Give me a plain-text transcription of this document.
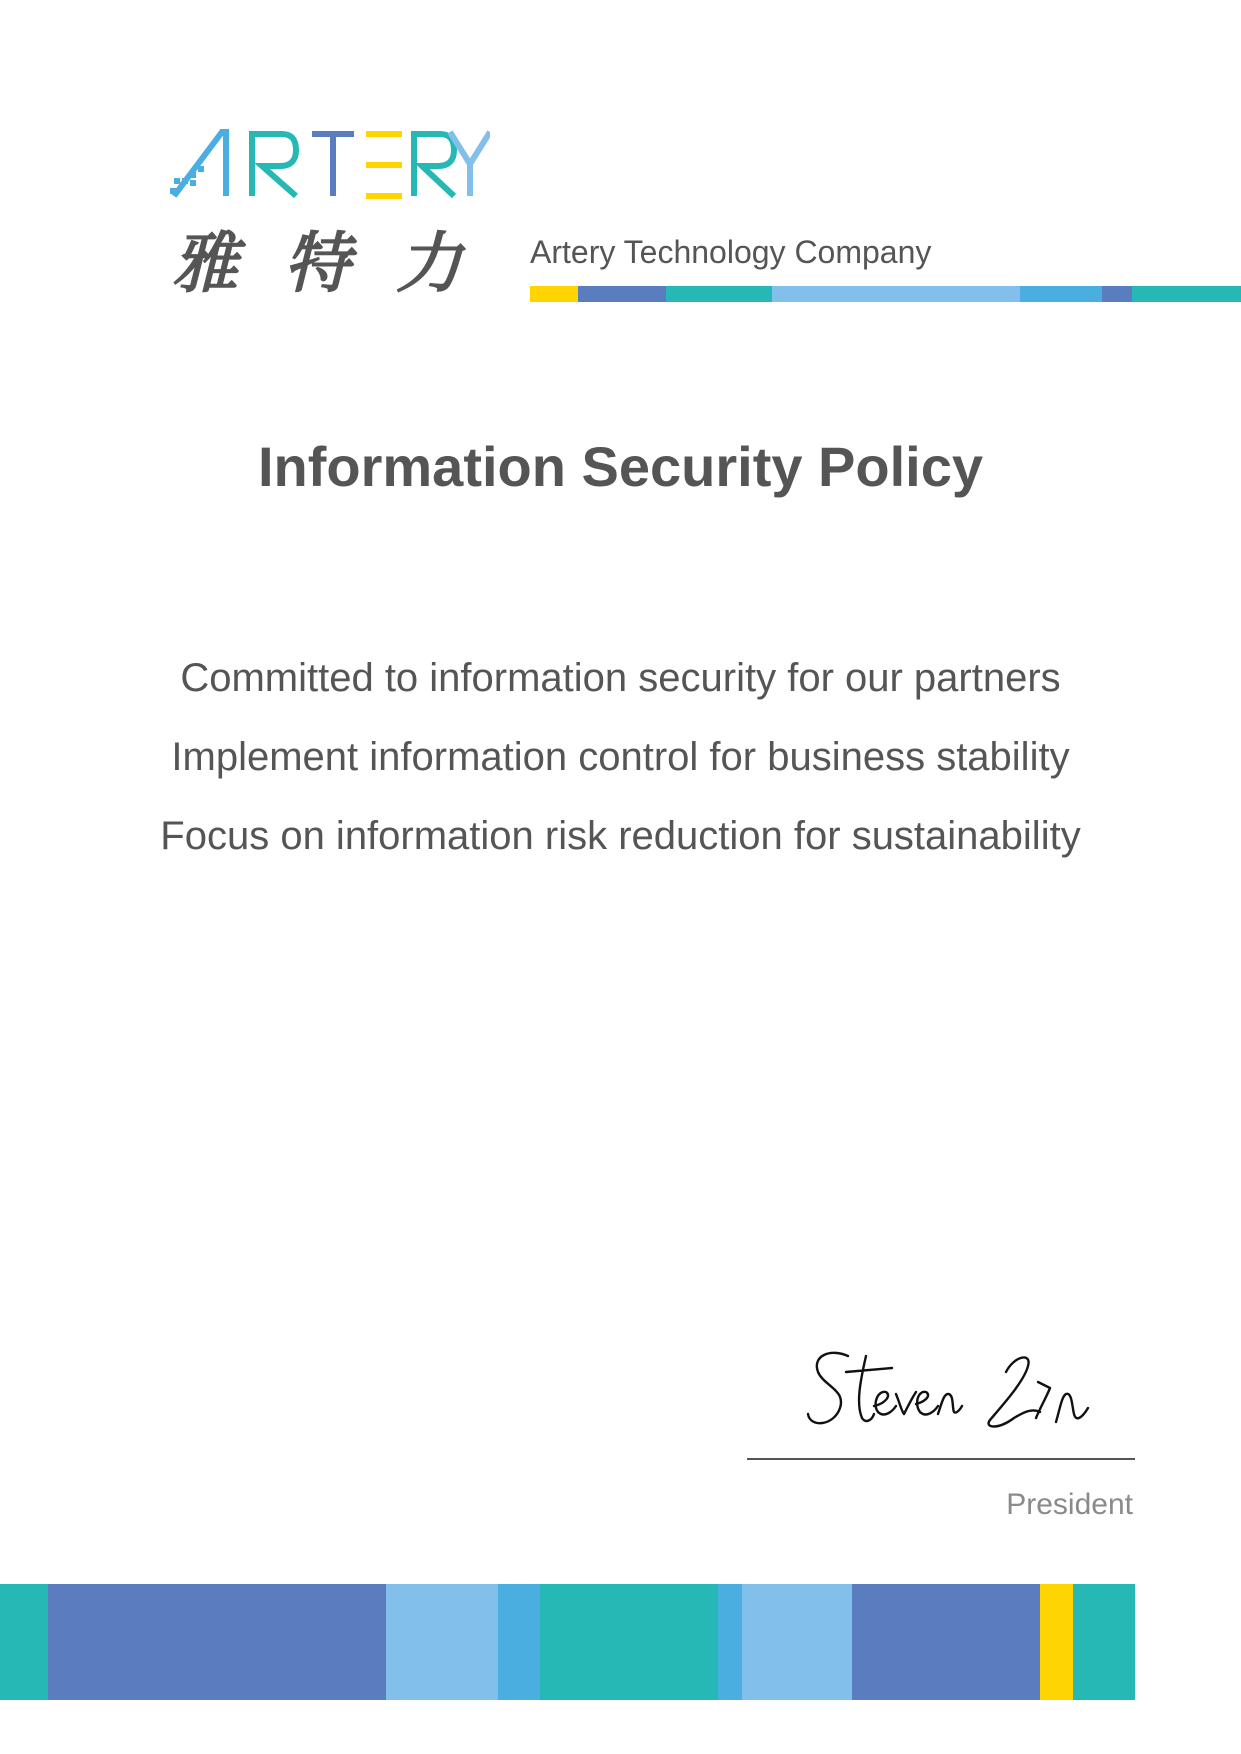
雅特力 Artery Technology Company
Information Security Policy
Committed to information security for our partners
Implement information control for business stability
Focus on information risk reduction for sustainability
President
